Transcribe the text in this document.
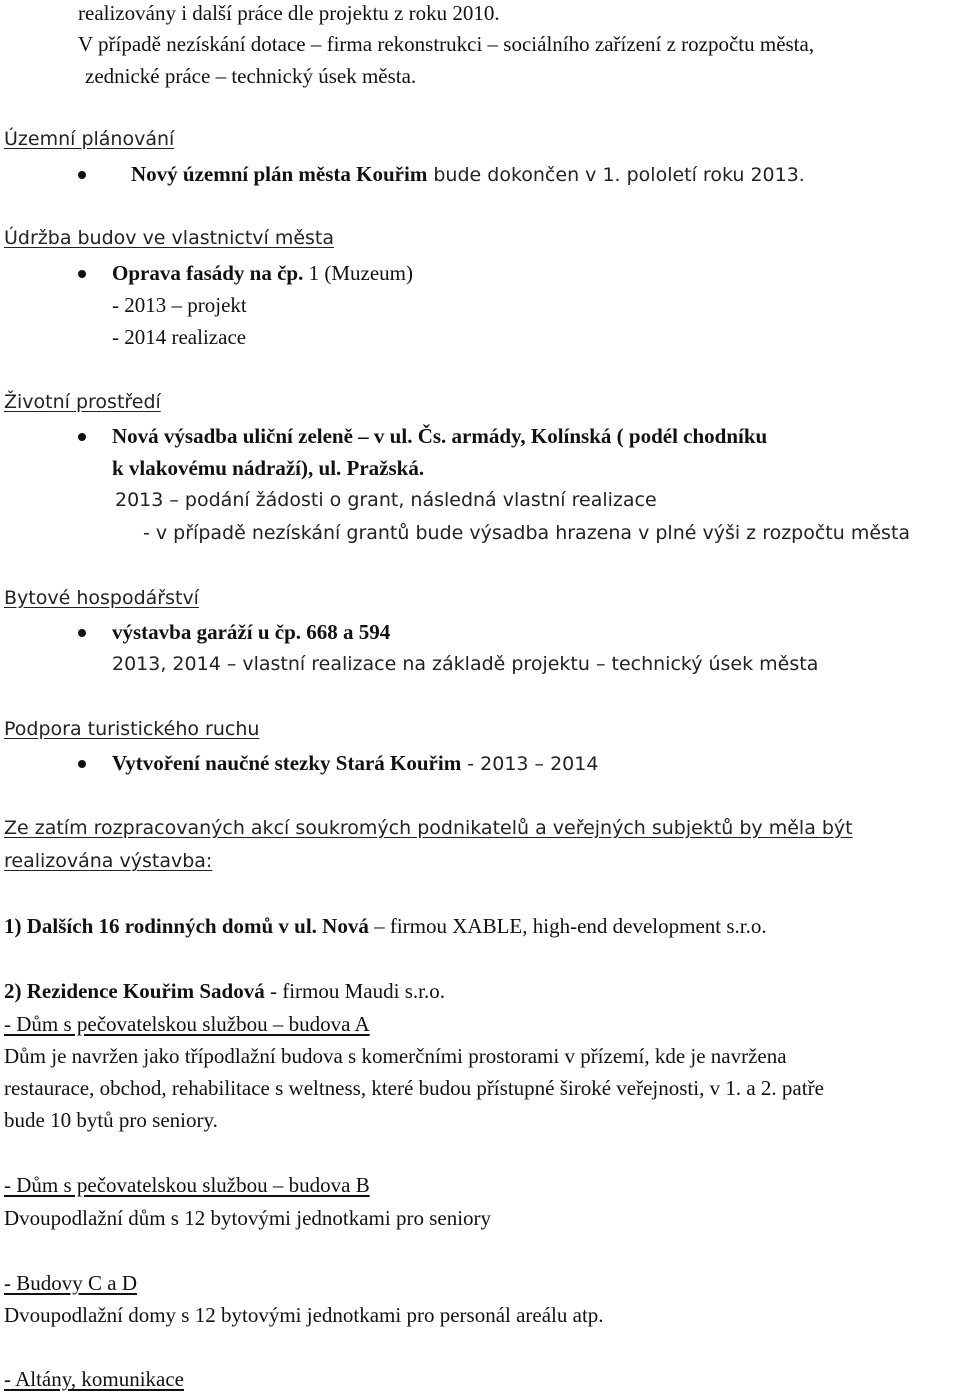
realizovány i další práce dle projektu z roku 2010.
V případě nezískání dotace – firma rekonstrukci – sociálního zařízení z rozpočtu města,
zednické práce – technický úsek města.
Územní plánování
Nový územní plán města Kouřim bude dokončen v 1. pololetí roku 2013.
Údržba budov ve vlastnictví města
Oprava fasády na čp. 1 (Muzeum)
- 2013 – projekt
- 2014 realizace
Životní prostředí
Nová výsadba uliční zeleně – v ul. Čs. armády, Kolínská ( podél chodníku
k vlakovému nádraží), ul. Pražská.
2013 – podání žádosti o grant, následná vlastní realizace
- v případě nezískání grantů bude výsadba hrazena v plné výši z rozpočtu města
Bytové hospodářství
výstavba garáží u čp. 668 a 594
2013, 2014 – vlastní realizace na základě projektu – technický úsek města
Podpora turistického ruchu
Vytvoření naučné stezky Stará Kouřim - 2013 – 2014
Ze zatím rozpracovaných akcí soukromých podnikatelů a veřejných subjektů by měla být
realizována výstavba:
1) Dalších 16 rodinných domů v ul. Nová – firmou XABLE, high-end development s.r.o.
2) Rezidence Kouřim Sadová - firmou Maudi s.r.o.
- Dům s pečovatelskou službou – budova A
Dům je navržen jako třípodlažní budova s komerčními prostorami v přízemí, kde je navržena
restaurace, obchod, rehabilitace s weltness, které budou přístupné široké veřejnosti, v 1. a 2. patře
bude 10 bytů pro seniory.
- Dům s pečovatelskou službou – budova B
Dvoupodlažní dům s 12 bytovými jednotkami pro seniory
- Budovy C a D
Dvoupodlažní domy s 12 bytovými jednotkami pro personál areálu atp.
- Altány, komunikace
